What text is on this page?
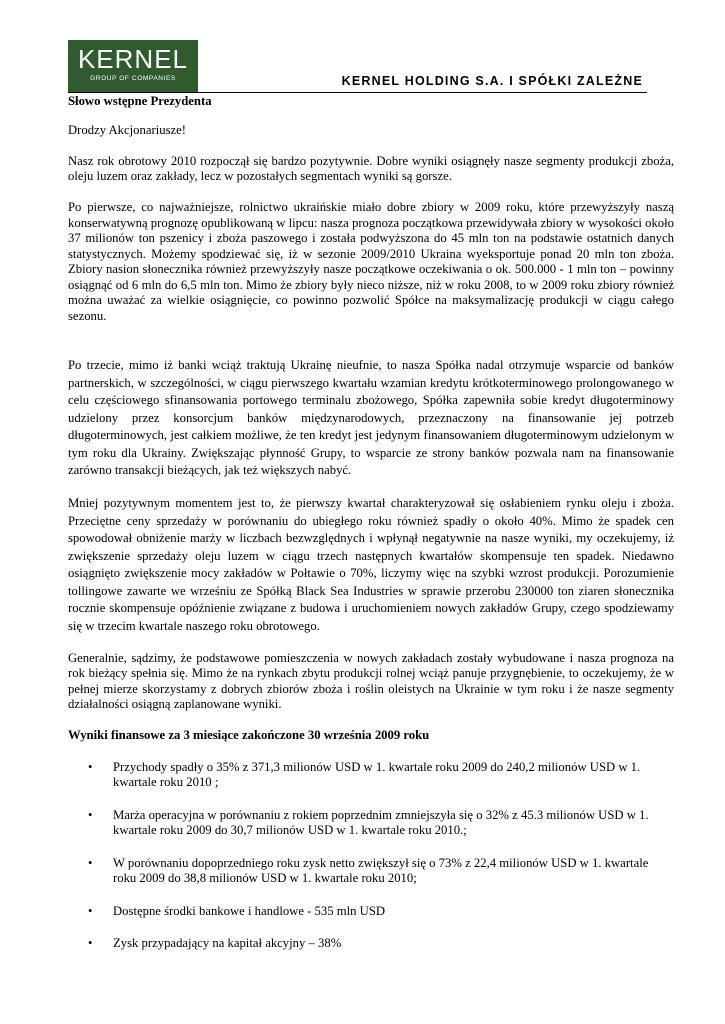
KERNEL
GROUP OF COMPANIES	KERNEL HOLDING S.A. I SPÓŁKI ZALEŻNE

Słowo wstępne Prezydenta

Drodzy Akcjonariusze!

Nasz rok obrotowy 2010 rozpoczął się bardzo pozytywnie. Dobre wyniki osiągnęły nasze segmenty produkcji zboża, oleju luzem oraz zakłady, lecz w pozostałych segmentach wyniki są gorsze.

Po pierwsze, co najważniejsze, rolnictwo ukraińskie miało dobre zbiory w 2009 roku, które przewyższyły naszą konserwatywną prognozę opublikowaną w lipcu: nasza prognoza początkowa przewidywała zbiory w wysokości około 37 milionów ton pszenicy i zboża paszowego i została podwyższona do 45 mln ton na podstawie ostatnich danych statystycznych. Możemy spodziewać się, iż w sezonie 2009/2010 Ukraina wyeksportuje ponad 20 mln ton zboża. Zbiory nasion słonecznika również przewyższyły nasze początkowe oczekiwania o ok. 500.000 - 1 mln ton – powinny osiągnąć od 6 mln do 6,5 mln ton. Mimo że zbiory były nieco niższe, niż w roku 2008, to w 2009 roku zbiory również można uważać za wielkie osiągnięcie, co powinno pozwolić Spółce na maksymalizację produkcji w ciągu całego sezonu.

Po trzecie, mimo iż banki wciąż traktują Ukrainę nieufnie, to nasza Spółka nadal otrzymuje wsparcie od banków partnerskich, w szczególności, w ciągu pierwszego kwartału wzamian kredytu krótkoterminowego prolongowanego w celu częściowego sfinansowania portowego terminalu zbożowego, Spółka zapewniła sobie kredyt długoterminowy udzielony przez konsorcjum banków międzynarodowych, przeznaczony na finansowanie jej potrzeb długoterminowych, jest całkiem możliwe, że ten kredyt jest jedynym finansowaniem długoterminowym udzielonym w tym roku dla Ukrainy. Zwiększając płynność Grupy, to wsparcie ze strony banków pozwala nam na finansowanie zarówno transakcji bieżących, jak też większych nabyć.

Mniej pozytywnym momentem jest to, że pierwszy kwartał charakteryzował się osłabieniem rynku oleju i zboża. Przeciętne ceny sprzedaży w porównaniu do ubiegłego roku również spadły o około 40%. Mimo że spadek cen spowodował obniżenie marży w liczbach bezwzględnych i wpłynął negatywnie na nasze wyniki, my oczekujemy, iż zwiększenie sprzedaży oleju luzem w ciągu trzech następnych kwartałów skompensuje ten spadek. Niedawno osiągnięto zwiększenie mocy zakładów w Połtawie o 70%, liczymy więc na szybki wzrost produkcji. Porozumienie tollingowe zawarte we wrześniu ze Spółką Black Sea Industries w sprawie przerobu 230000 ton ziaren słonecznika rocznie skompensuje opóźnienie związane z budowa i uruchomieniem nowych zakładów Grupy, czego spodziewamy się w trzecim kwartale naszego roku obrotowego.

Generalnie, sądzimy, że podstawowe pomieszczenia w nowych zakładach zostały wybudowane i nasza prognoza na rok bieżący spełnia się. Mimo że na rynkach zbytu produkcji rolnej wciąż panuje przygnębienie, to oczekujemy, że w pełnej mierze skorzystamy z dobrych zbiorów zboża i roślin oleistych na Ukrainie w tym roku i że nasze segmenty działalności osiągną zaplanowane wyniki.

Wyniki finansowe za 3 miesiące zakończone 30 września 2009 roku

• Przychody spadły o 35% z 371,3 milionów USD w 1. kwartale roku 2009 do 240,2 milionów USD w 1. kwartale roku 2010 ;
• Marża operacyjna w porównaniu z rokiem poprzednim zmniejszyła się o 32% z 45.3 milionów USD w 1. kwartale roku 2009 do 30,7 milionów USD w 1. kwartale roku 2010.;
• W porównaniu dopoprzedniego roku zysk netto zwiększył się o 73% z 22,4 milionów USD w 1. kwartale roku 2009 do 38,8 milionów USD w 1. kwartale roku 2010;
• Dostępne środki bankowe i handlowe - 535 mln USD
• Zysk przypadający na kapitał akcyjny – 38%
